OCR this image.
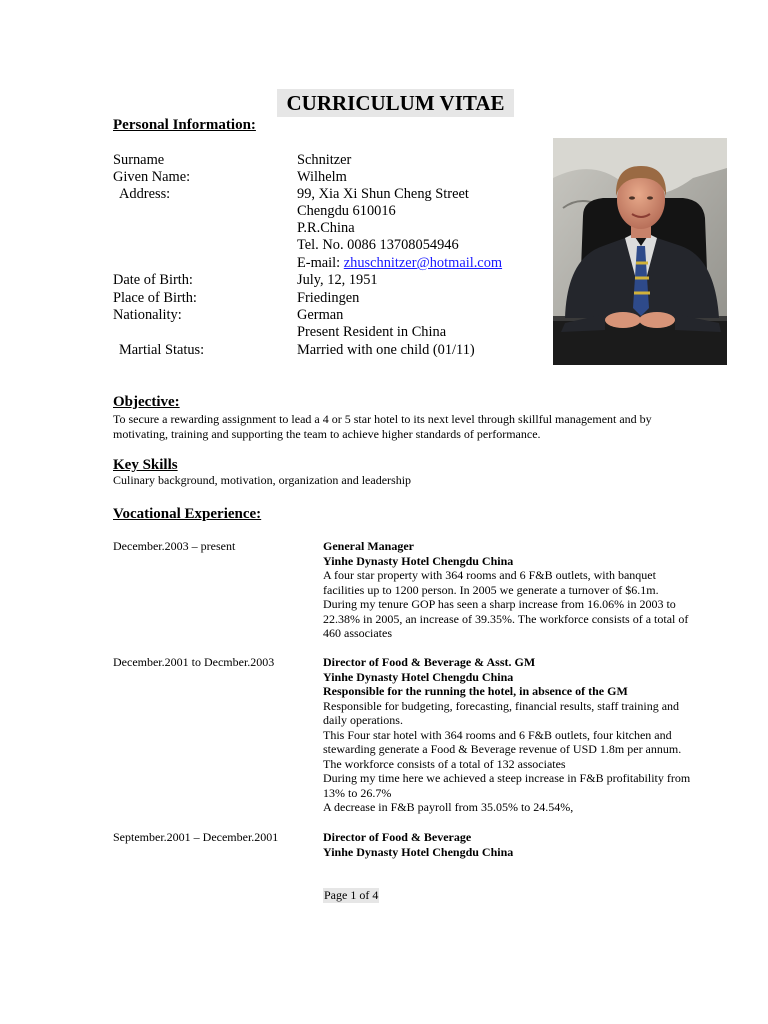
CURRICULUM VITAE
Personal Information:
Surname	Schnitzer
Given Name:	Wilhelm
Address:	99, Xia Xi Shun Cheng Street
Chengdu 610016
P.R.China
Tel. No. 0086 13708054946
E-mail: zhuschnitzer@hotmail.com
Date of Birth:	July, 12, 1951
Place of Birth:	Friedingen
Nationality:	German
Present Resident in China
Martial Status:	Married with one child (01/11)
Objective:
To secure a rewarding assignment to lead a 4 or 5 star hotel to its next level through skillful management and by motivating, training and supporting the team to achieve higher standards of performance.
Key Skills
Culinary background, motivation, organization and leadership
Vocational Experience:
December.2003 – present	General Manager
Yinhe Dynasty Hotel Chengdu China
A four star property with 364 rooms and 6 F&B outlets, with banquet facilities up to 1200 person. In 2005 we generate a turnover of $6.1m. During my tenure GOP has seen a sharp increase from 16.06% in 2003 to 22.38% in 2005, an increase of 39.35%. The workforce consists of a total of 460 associates
December.2001 to Decmber.2003	Director of Food & Beverage & Asst. GM
Yinhe Dynasty Hotel Chengdu China
Responsible for the running the hotel, in absence of the GM
Responsible for budgeting, forecasting, financial results, staff training and daily operations.
This Four star hotel with 364 rooms and 6 F&B outlets, four kitchen and stewarding generate a Food & Beverage revenue of USD 1.8m per annum. The workforce consists of a total of 132 associates
During my time here we achieved a steep increase in F&B profitability from 13% to 26.7%
A decrease in F&B payroll from 35.05% to 24.54%,
September.2001 – December.2001	Director of Food & Beverage
Yinhe Dynasty Hotel Chengdu China
Page 1 of 4
